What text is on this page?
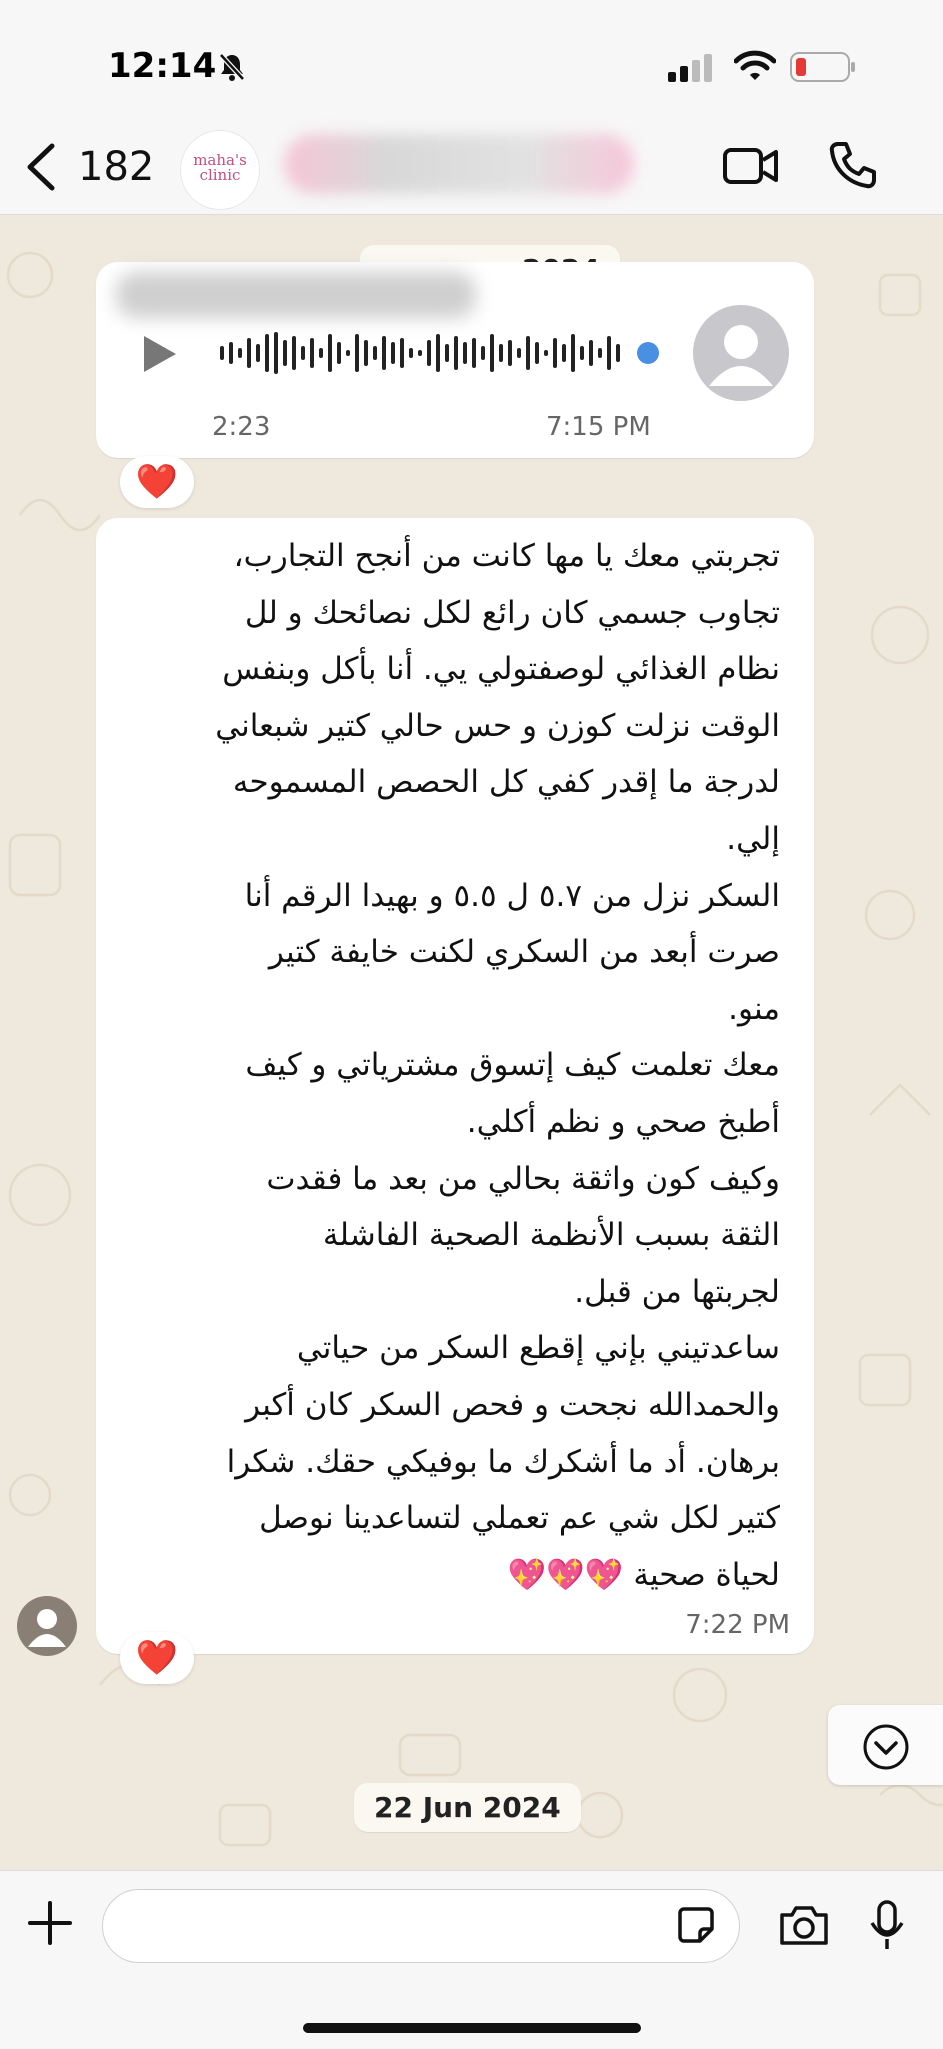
12:14
182	maha's
clinic
2:23	7:15 PM
❤️
تجربتي معك يا مها كانت من أنجح التجارب،
تجاوب جسمي كان رائع لكل نصائحك و لل
نظام الغذائي لوصفتولي يي. أنا بأكل وبنفس
الوقت نزلت كوزن و حس حالي كتير شبعاني
لدرجة ما إقدر كفي كل الحصص المسموحه
إلي.
السكر نزل من ٥.٧ ل ٥.٥ و بهيدا الرقم أنا
صرت أبعد من السكري لكنت خايفة كتير
منو.
معك تعلمت كيف إتسوق مشترياتي و كيف
أطبخ صحي و نظم أكلي.
وكيف كون واثقة بحالي من بعد ما فقدت
الثقة بسبب الأنظمة الصحية الفاشلة
لجربتها من قبل.
ساعدتيني بإني إقطع السكر من حياتي
والحمدالله نجحت و فحص السكر كان أكبر
برهان. أد ما أشكرك ما بوفيكي حقك. شكرا
كتير لكل شي عم تعملي لتساعدينا نوصل
لحياة صحية 💖💖💖
7:22 PM
❤️
22 Jun 2024
